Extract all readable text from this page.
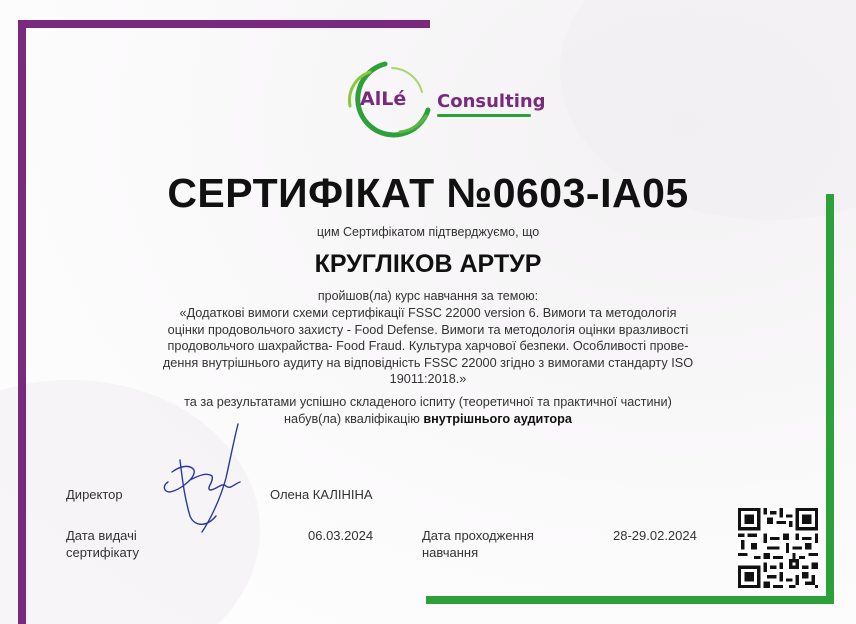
AlLé Consulting
СЕРТИФІКАТ №0603-IA05
цим Сертифікатом підтверджуємо, що
КРУГЛІКОВ АРТУР
пройшов(ла) курс навчання за темою:
«Додаткові вимоги схеми сертифікації FSSC 22000 version 6. Вимоги та методологія
оцінки продовольчого захисту - Food Defense. Вимоги та методологія оцінки вразливості
продовольчого шахрайства- Food Fraud. Культура харчової безпеки. Особливості прове-
дення внутрішнього аудиту на відповідність FSSC 22000 згідно з вимогами стандарту ISO
19011:2018.»
та за результатами успішно складеного іспиту (теоретичної та практичної частини)
набув(ла) кваліфікацію внутрішнього аудитора
Директор	Олена КАЛІНІНА
Дата видачі
сертифікату
06.03.2024	Дата проходження
навчання
28-29.02.2024
